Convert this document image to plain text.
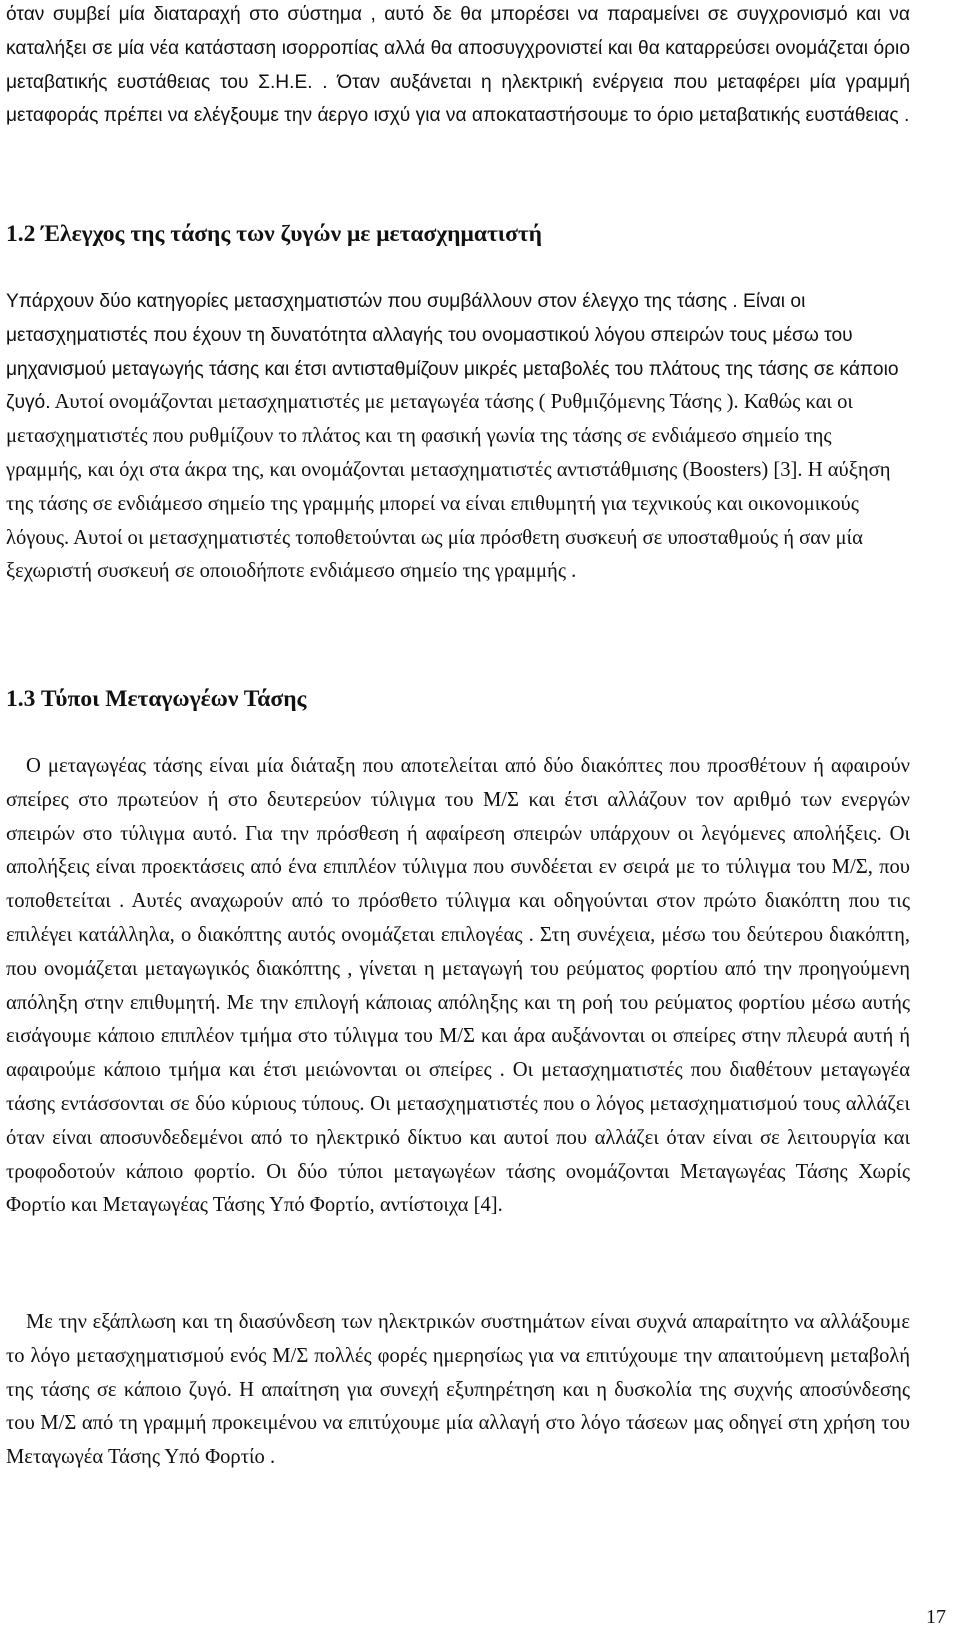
όταν συμβεί μία διαταραχή στο σύστημα , αυτό δε θα μπορέσει να παραμείνει σε συγχρονισμό και να καταλήξει σε μία νέα κατάσταση ισορροπίας αλλά θα αποσυγχρονιστεί και θα καταρρεύσει ονομάζεται όριο μεταβατικής ευστάθειας του Σ.Η.Ε. . Όταν αυξάνεται η ηλεκτρική ενέργεια που μεταφέρει μία γραμμή μεταφοράς πρέπει να ελέγξουμε την άεργο ισχύ για να αποκαταστήσουμε το όριο μεταβατικής ευστάθειας .

1.2 Έλεγχος της τάσης των ζυγών με μετασχηματιστή

Υπάρχουν δύο κατηγορίες μετασχηματιστών που συμβάλλουν στον έλεγχο της τάσης . Είναι οι μετασχηματιστές που έχουν τη δυνατότητα αλλαγής του ονομαστικού λόγου σπειρών τους μέσω του μηχανισμού μεταγωγής τάσης και έτσι αντισταθμίζουν μικρές μεταβολές του πλάτους της τάσης σε κάποιο ζυγό.

Αυτοί ονομάζονται μετασχηματιστές με μεταγωγέα τάσης ( Ρυθμιζόμενης Τάσης ). Καθώς και οι μετασχηματιστές που ρυθμίζουν το πλάτος και τη φασική γωνία της τάσης σε ενδιάμεσο σημείο της γραμμής, και όχι στα άκρα της, και ονομάζονται μετασχηματιστές αντιστάθμισης (Boosters) [3]. Η αύξηση της τάσης σε ενδιάμεσο σημείο της γραμμής μπορεί να είναι επιθυμητή για τεχνικούς και οικονομικούς λόγους. Αυτοί οι μετασχηματιστές τοποθετούνται ως μία πρόσθετη συσκευή σε υποσταθμούς ή σαν μία ξεχωριστή συσκευή σε οποιοδήποτε ενδιάμεσο σημείο της γραμμής .

1.3 Τύποι Μεταγωγέων Τάσης

Ο μεταγωγέας τάσης είναι μία διάταξη που αποτελείται από δύο διακόπτες που προσθέτουν ή αφαιρούν σπείρες στο πρωτεύον ή στο δευτερεύον τύλιγμα του Μ/Σ και έτσι αλλάζουν τον αριθμό των ενεργών σπειρών στο τύλιγμα αυτό. Για την πρόσθεση ή αφαίρεση σπειρών υπάρχουν οι λεγόμενες απολήξεις. Οι απολήξεις είναι προεκτάσεις από ένα επιπλέον τύλιγμα που συνδέεται εν σειρά με το τύλιγμα του Μ/Σ, που τοποθετείται . Αυτές αναχωρούν από το πρόσθετο τύλιγμα και οδηγούνται στον πρώτο διακόπτη που τις επιλέγει κατάλληλα, ο διακόπτης αυτός ονομάζεται επιλογέας . Στη συνέχεια, μέσω του δεύτερου διακόπτη, που ονομάζεται μεταγωγικός διακόπτης , γίνεται η μεταγωγή του ρεύματος φορτίου από την προηγούμενη απόληξη στην επιθυμητή. Με την επιλογή κάποιας απόληξης και τη ροή του ρεύματος φορτίου μέσω αυτής εισάγουμε κάποιο επιπλέον τμήμα στο τύλιγμα του Μ/Σ και άρα αυξάνονται οι σπείρες στην πλευρά αυτή ή αφαιρούμε κάποιο τμήμα και έτσι μειώνονται οι σπείρες . Οι μετασχηματιστές που διαθέτουν μεταγωγέα τάσης εντάσσονται σε δύο κύριους τύπους. Οι μετασχηματιστές που ο λόγος μετασχηματισμού τους αλλάζει όταν είναι αποσυνδεδεμένοι από το ηλεκτρικό δίκτυο και αυτοί που αλλάζει όταν είναι σε λειτουργία και τροφοδοτούν κάποιο φορτίο. Οι δύο τύποι μεταγωγέων τάσης ονομάζονται Μεταγωγέας Τάσης Χωρίς Φορτίο και Μεταγωγέας Τάσης Υπό Φορτίο, αντίστοιχα [4].

Με την εξάπλωση και τη διασύνδεση των ηλεκτρικών συστημάτων είναι συχνά απαραίτητο να αλλάξουμε το λόγο μετασχηματισμού ενός Μ/Σ πολλές φορές ημερησίως για να επιτύχουμε την απαιτούμενη μεταβολή της τάσης σε κάποιο ζυγό. Η απαίτηση για συνεχή εξυπηρέτηση και η δυσκολία της συχνής αποσύνδεσης του Μ/Σ από τη γραμμή προκειμένου να επιτύχουμε μία αλλαγή στο λόγο τάσεων μας οδηγεί στη χρήση του Μεταγωγέα Τάσης Υπό Φορτίο .

17
